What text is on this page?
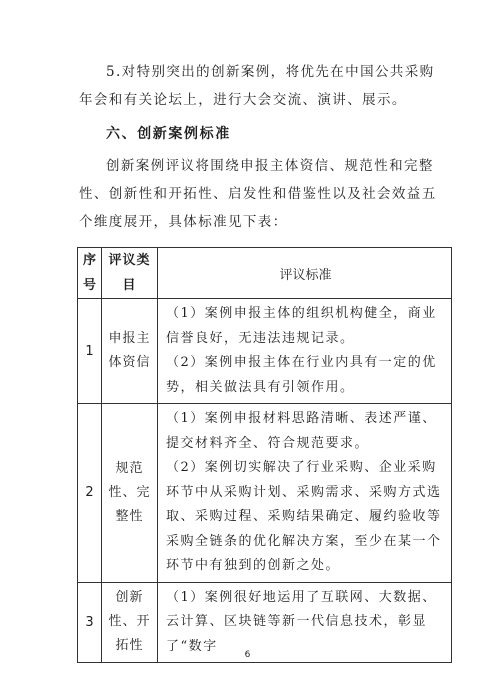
5.对特别突出的创新案例，将优先在中国公共采购年会和有关论坛上，进行大会交流、演讲、展示。
六、创新案例标准
创新案例评议将围绕申报主体资信、规范性和完整性、创新性和开拓性、启发性和借鉴性以及社会效益五个维度展开，具体标准见下表：
序号	评议类目	评议标准
1	申报主体资信	（1）案例申报主体的组织机构健全，商业信誉良好，无违法违规记录。
（2）案例申报主体在行业内具有一定的优势，相关做法具有引领作用。

2	规范性、完整性	（1）案例申报材料思路清晰、表述严谨、提交材料齐全、符合规范要求。
（2）案例切实解决了行业采购、企业采购环节中从采购计划、采购需求、采购方式选取、采购过程、采购结果确定、履约验收等采购全链条的优化解决方案，至少在某一个环节中有独到的创新之处。

3	创新性、开拓性	（1）案例很好地运用了互联网、大数据、云计算、区块链等新一代信息技术，彰显了“数字
6
